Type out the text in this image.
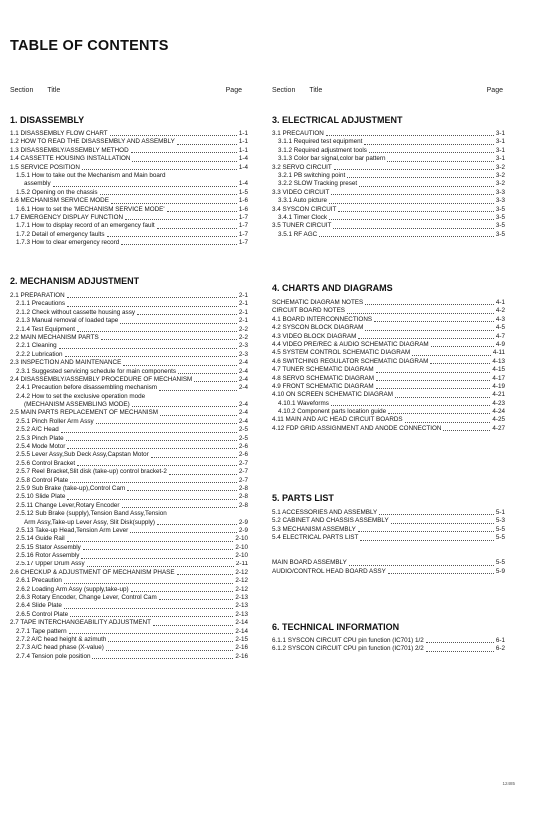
TABLE OF CONTENTS
Section Title	Page	Section Title	Page
1. DISASSEMBLY
1.1 DISASSEMBLY FLOW CHART	1-1
1.2 HOW TO READ THE DISASSEMBLY AND ASSEMBLY	1-1
1.3 DISASSEMBLY/ASSEMBLY METHOD	1-1
1.4 CASSETTE HOUSING INSTALLATION	1-4
1.5 SERVICE POSITION	1-4
1.5.1 How to take out the Mechanism and Main board
assembly	1-4
1.5.2 Opening on the chassis	1-5
1.6 MECHANISM SERVICE MODE	1-6
1.6.1 How to set the 'MECHANISM SERVICE MODE'	1-6
1.7 EMERGENCY DISPLAY FUNCTION	1-7
1.7.1 How to display record of an emergency fault	1-7
1.7.2 Detail of emergency faults	1-7
1.7.3 How to clear emergency record	1-7
2. MECHANISM ADJUSTMENT
2.1 PREPARATION	2-1
2.1.1 Precautions	2-1
2.1.2 Check without cassette housing assy	2-1
2.1.3 Manual removal of loaded tape	2-1
2.1.4 Test Equipment	2-2
2.2 MAIN MECHANISM PARTS	2-2
2.2.1 Cleaning	2-3
2.2.2 Lubrication	2-3
2.3 INSPECTION AND MAINTENANCE	2-4
2.3.1 Suggested servicing schedule for main components	2-4
2.4 DISASSEMBLY/ASSEMBLY PROCEDURE OF MECHANISM	2-4
2.4.1 Precaution before disassembling mechanism	2-4
2.4.2 How to set the exclusive operation mode
(MECHANISM ASSEMBLING MODE)	2-4
2.5 MAIN PARTS REPLACEMENT OF MECHANISM	2-4
2.5.1 Pinch Roller Arm Assy	2-4
2.5.2 A/C Head	2-5
2.5.3 Pinch Plate	2-5
2.5.4 Mode Motor	2-6
2.5.5 Lever Assy,Sub Deck Assy,Capstan Motor	2-6
2.5.6 Control Bracket	2-7
2.5.7 Reel Bracket,Slit disk (take-up) control bracket-2	2-7
2.5.8 Control Plate	2-7
2.5.9 Sub Brake (take-up),Control Cam	2-8
2.5.10 Slide Plate	2-8
2.5.11 Change Lever,Rotary Encoder	2-8
2.5.12 Sub Brake (supply),Tension Band Assy,Tension
Arm Assy,Take-up Lever Assy, Slit Disk(supply)	2-9
2.5.13 Take-up Head,Tension Arm Lever	2-9
2.5.14 Guide Rail	2-10
2.5.15 Stator Assembly	2-10
2.5.16 Rotor Assembly	2-10
2.5.17 Upper Drum Assy	2-11
2.6 CHECKUP & ADJUSTMENT OF MECHANISM PHASE	2-12
2.6.1 Precaution	2-12
2.6.2 Loading Arm Assy (supply,take-up)	2-12
2.6.3 Rotary Encoder, Change Lever, Control Cam	2-13
2.6.4 Slide Plate	2-13
2.6.5 Control Plate	2-13
2.7 TAPE INTERCHANGEABILITY ADJUSTMENT	2-14
2.7.1 Tape pattern	2-14
2.7.2 A/C head height & azimuth	2-15
2.7.3 A/C head phase (X-value)	2-16
2.7.4 Tension pole position	2-16
3. ELECTRICAL ADJUSTMENT
3.1 PRECAUTION	3-1
3.1.1 Required test equipment	3-1
3.1.2 Required adjustment tools	3-1
3.1.3 Color bar signal,color bar pattern	3-1
3.2 SERVO CIRCUIT	3-2
3.2.1 PB switching point	3-2
3.2.2 SLOW Tracking preset	3-2
3.3 VIDEO CIRCUIT	3-3
3.3.1 Auto picture	3-3
3.4 SYSCON CIRCUIT	3-5
3.4.1 Timer Clock	3-5
3.5 TUNER CIRCUIT	3-5
3.5.1 RF AGC	3-5
4. CHARTS AND DIAGRAMS
SCHEMATIC DIAGRAM NOTES	4-1
CIRCUIT BOARD NOTES	4-2
4.1 BOARD INTERCONNECTIONS	4-3
4.2 SYSCON BLOCK DIAGRAM	4-5
4.3 VIDEO BLOCK DIAGRAM	4-7
4.4 VIDEO PRE/REC & AUDIO SCHEMATIC DIAGRAM	4-9
4.5 SYSTEM CONTROL SCHEMATIC DIAGRAM	4-11
4.6 SWITCHING REGULATOR SCHEMATIC DIAGRAM	4-13
4.7 TUNER SCHEMATIC DIAGRAM	4-15
4.8 SERVO SCHEMATIC DIAGRAM	4-17
4.9 FRONT SCHEMATIC DIAGRAM	4-19
4.10 ON SCREEN SCHEMATIC DIAGRAM	4-21
4.10.1 Waveforms	4-23
4.10.2 Component parts location guide	4-24
4.11 MAIN AND A/C HEAD CIRCUIT BOARDS	4-25
4.12 FDP GRID ASSIGNMENT AND ANODE CONNECTION	4-27
5. PARTS LIST
5.1 ACCESSORIES AND ASSEMBLY	5-1
5.2 CABINET AND CHASSIS ASSEMBLY	5-3
5.3 MECHANISM ASSEMBLY	5-5
5.4 ELECTRICAL PARTS LIST	5-5
MAIN BOARD ASSEMBLY	5-5
AUDIO/CONTROL HEAD BOARD ASSY	5-9
6. TECHNICAL INFORMATION
6.1.1 SYSCON CIRCUIT CPU pin function (IC701) 1/2	6-1
6.1.2 SYSCON CIRCUIT CPU pin function (IC701) 2/2	6-2
12485
